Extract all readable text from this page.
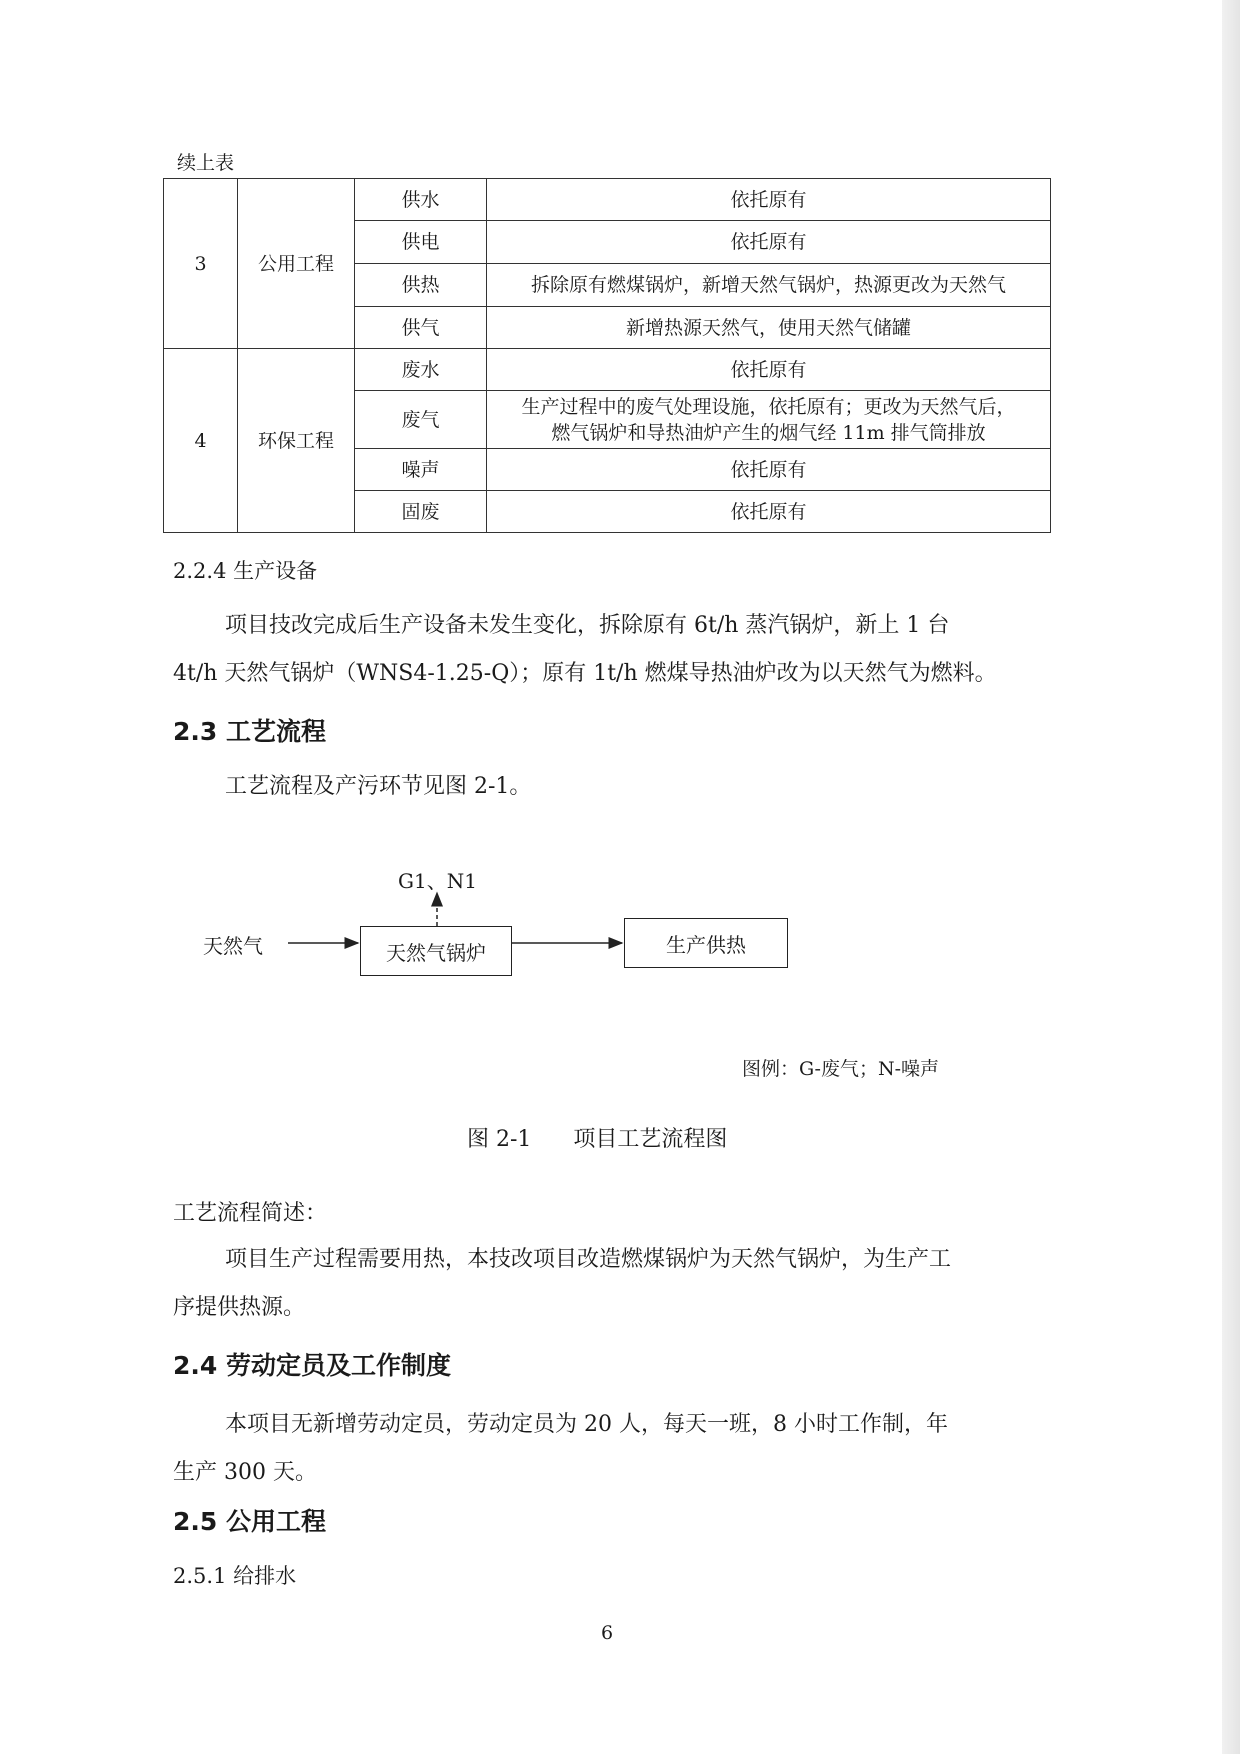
续上表

3	公用工程	供水	依托原有
		供电	依托原有
		供热	拆除原有燃煤锅炉，新增天然气锅炉，热源更改为天然气
		供气	新增热源天然气，使用天然气储罐
4	环保工程	废水	依托原有
		废气	生产过程中的废气处理设施，依托原有；更改为天然气后，
燃气锅炉和导热油炉产生的烟气经 11m 排气筒排放

		噪声	依托原有
		固废	依托原有

2.2.4 生产设备

项目技改完成后生产设备未发生变化，拆除原有 6t/h 蒸汽锅炉，新上 1 台

4t/h 天然气锅炉（WNS4-1.25-Q）；原有 1t/h 燃煤导热油炉改为以天然气为燃料。

2.3 工艺流程

工艺流程及产污环节见图 2-1。

G1、N1
天然气	天然气锅炉	生产供热
图例：G-废气；N-噪声

图 2-1      项目工艺流程图

工艺流程简述：

项目生产过程需要用热，本技改项目改造燃煤锅炉为天然气锅炉，为生产工

序提供热源。

2.4 劳动定员及工作制度

本项目无新增劳动定员，劳动定员为 20 人，每天一班，8 小时工作制，年

生产 300 天。

2.5 公用工程

2.5.1 给排水

6
